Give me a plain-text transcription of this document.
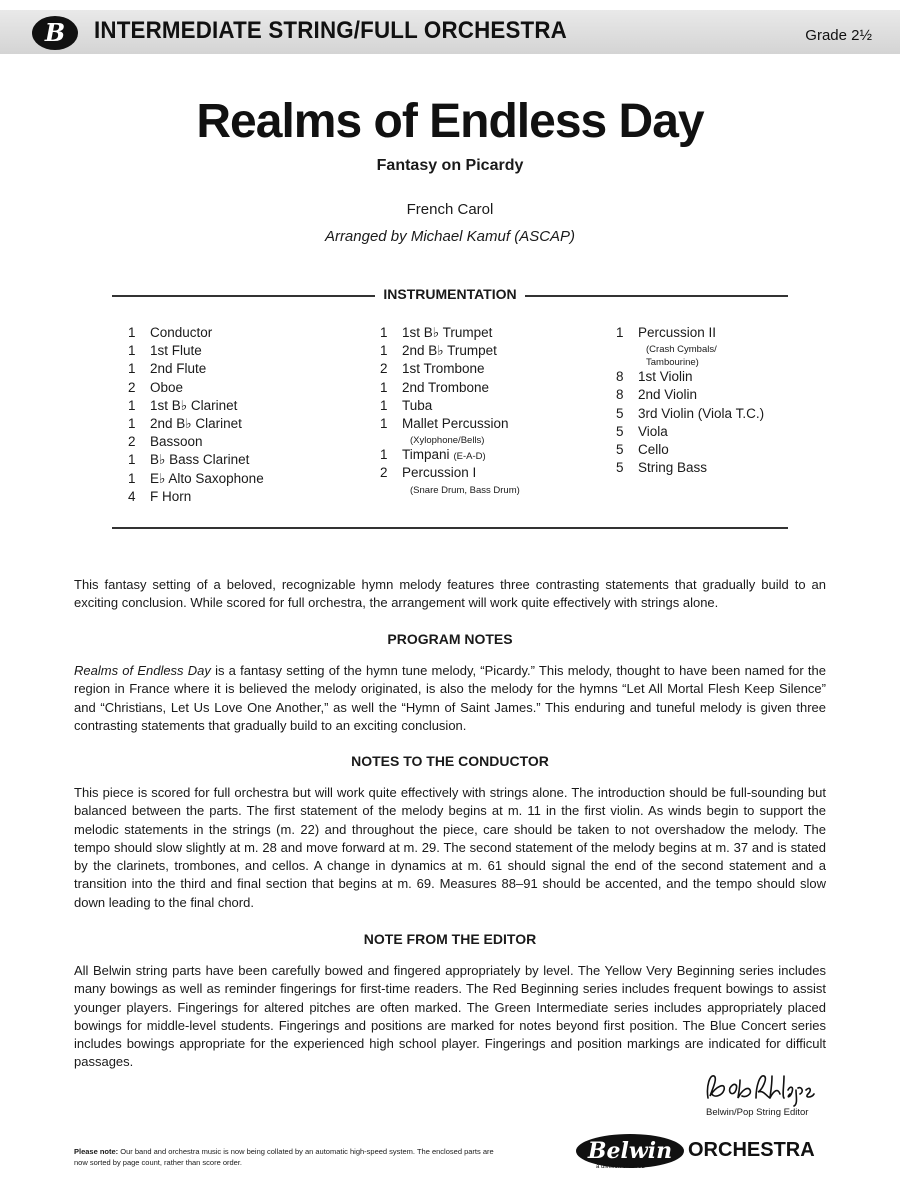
B	INTERMEDIATE STRING/FULL ORCHESTRA	Grade 2½
Realms of Endless Day
Fantasy on Picardy
French Carol
Arranged by Michael Kamuf (ASCAP)
INSTRUMENTATION
1	Conductor
1	1st Flute
1	2nd Flute
2	Oboe
1	1st B♭ Clarinet
1	2nd B♭ Clarinet
2	Bassoon
1	B♭ Bass Clarinet
1	E♭ Alto Saxophone
4	F Horn
1	1st B♭ Trumpet
1	2nd B♭ Trumpet
2	1st Trombone
1	2nd Trombone
1	Tuba
1	Mallet Percussion
(Xylophone/Bells)
1	Timpani (E-A-D)
2	Percussion I
(Snare Drum, Bass Drum)
1	Percussion II
(Crash Cymbals/
Tambourine)
8	1st Violin
8	2nd Violin
5	3rd Violin (Viola T.C.)
5	Viola
5	Cello
5	String Bass
This fantasy setting of a beloved, recognizable hymn melody features three contrasting statements that gradually build to an exciting conclusion. While scored for full orchestra, the arrangement will work quite effectively with strings alone.
PROGRAM NOTES
Realms of Endless Day is a fantasy setting of the hymn tune melody, “Picardy.” This melody, thought to have been named for the region in France where it is believed the melody originated, is also the melody for the hymns “Let All Mortal Flesh Keep Silence” and “Christians, Let Us Love One Another,” as well the “Hymn of Saint James.” This enduring and tuneful melody is given three contrasting statements that gradually build to an exciting conclusion.
NOTES TO THE CONDUCTOR
This piece is scored for full orchestra but will work quite effectively with strings alone. The introduction should be full-sounding but balanced between the parts. The first statement of the melody begins at m. 11 in the first violin. As winds begin to support the melodic statements in the strings (m. 22) and throughout the piece, care should be taken to not overshadow the melody. The tempo should slow slightly at m. 28 and move forward at m. 29. The second statement of the melody begins at m. 37 and is stated by the clarinets, trombones, and cellos. A change in dynamics at m. 61 should signal the end of the second statement and a transition into the third and final section that begins at m. 69. Measures 88–91 should be accented, and the tempo should slow down leading to the final chord.
NOTE FROM THE EDITOR
All Belwin string parts have been carefully bowed and fingered appropriately by level. The Yellow Very Beginning series includes many bowings as well as reminder fingerings for first-time readers. The Red Beginning series includes frequent bowings to assist younger players. Fingerings for altered pitches are often marked. The Green Intermediate series includes appropriately placed bowings for middle-level students. Fingerings and positions are marked for notes beyond first position. The Blue Concert series includes bowings appropriate for the experienced high school player. Fingerings and position markings are indicated for difficult passages.
Belwin/Pop String Editor
Please note: Our band and orchestra music is now being collated by an automatic high-speed system. The enclosed parts are now sorted by page count, rather than score order.	Belwin ORCHESTRA
a division of Alfred
